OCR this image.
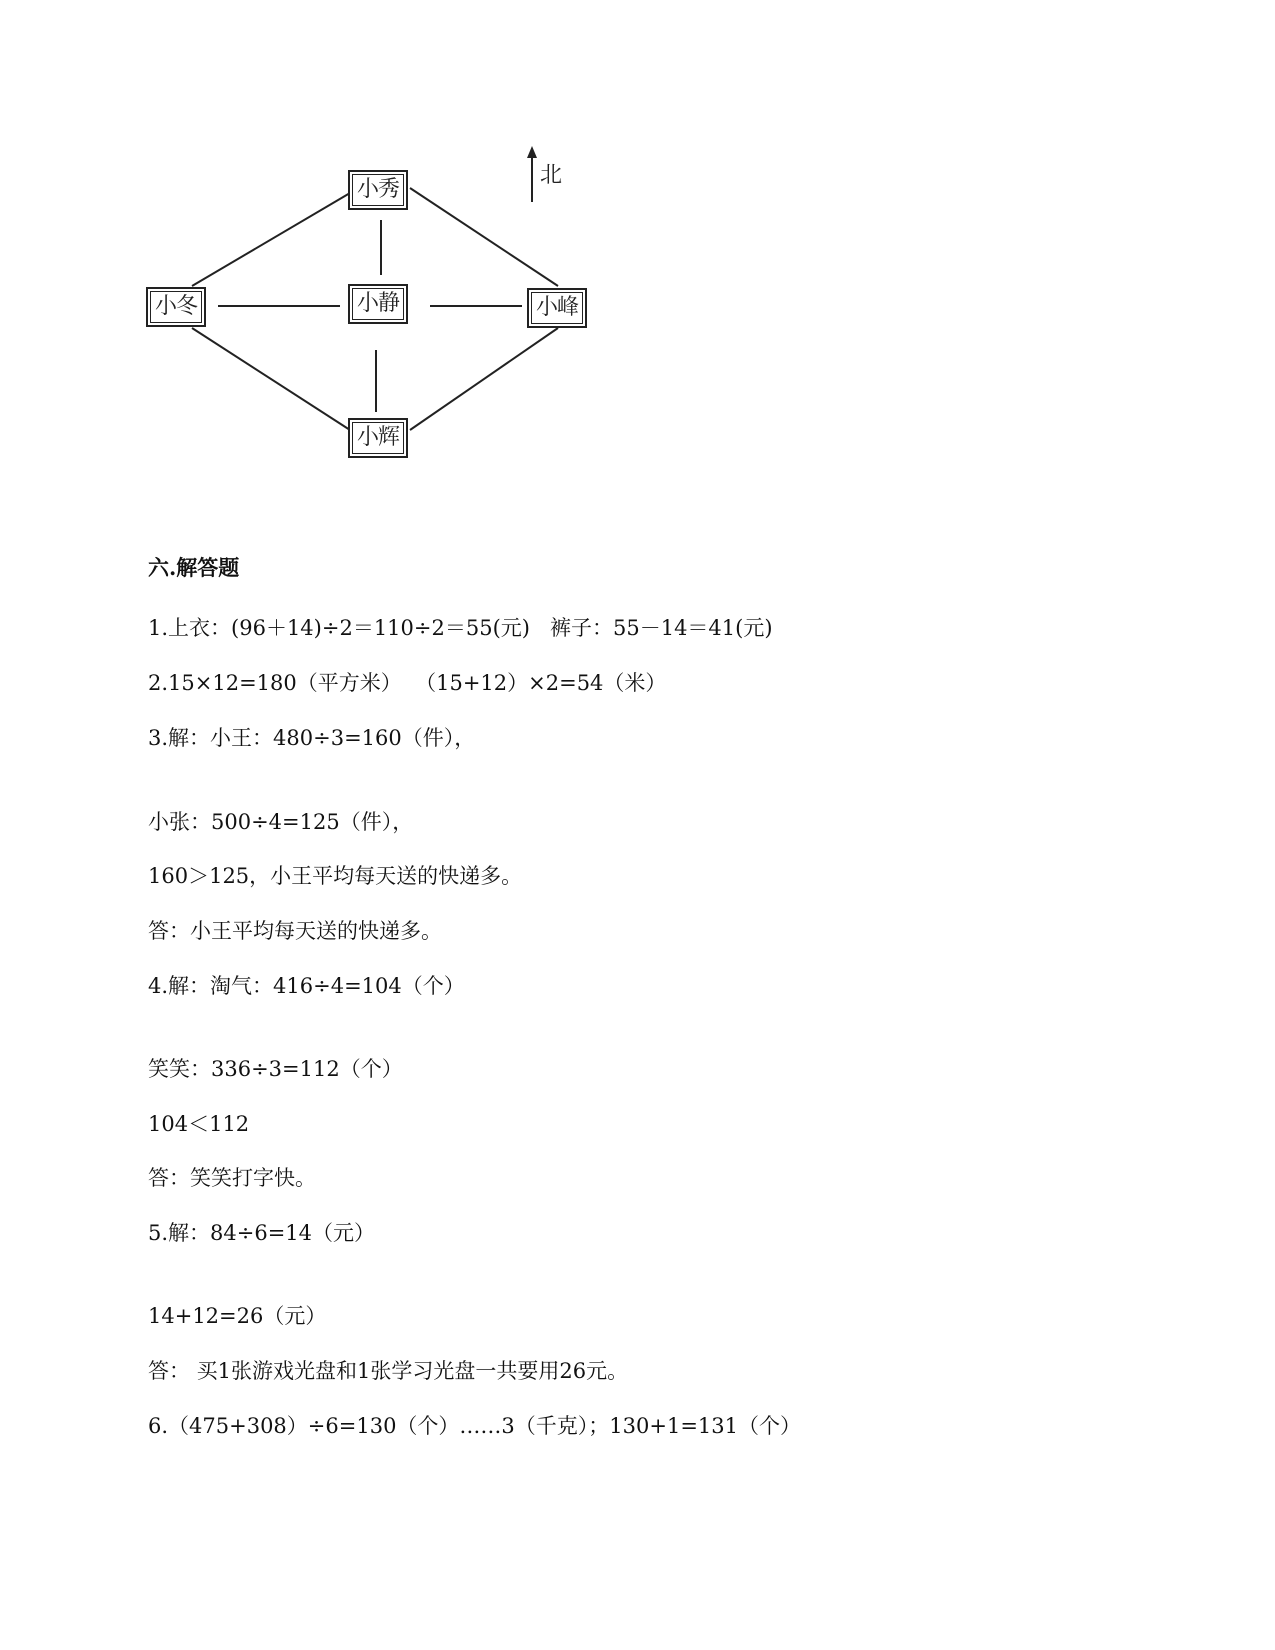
北
小秀
小冬	小静	小峰
小辉
六.解答题
1.上衣：(96＋14)÷2＝110÷2＝55(元)   裤子：55－14＝41(元)
2.15×12=180（平方米）  （15+12）×2=54（米）
3.解：小王：480÷3=160（件），
小张：500÷4=125（件），
160＞125，小王平均每天送的快递多。
答：小王平均每天送的快递多。
4.解：淘气：416÷4=104（个）
笑笑：336÷3=112（个）
104＜112
答：笑笑打字快。
5.解：84÷6=14（元）
14+12=26（元）
答： 买1张游戏光盘和1张学习光盘一共要用26元。
6.（475+308）÷6=130（个）……3（千克）；130+1=131（个）
